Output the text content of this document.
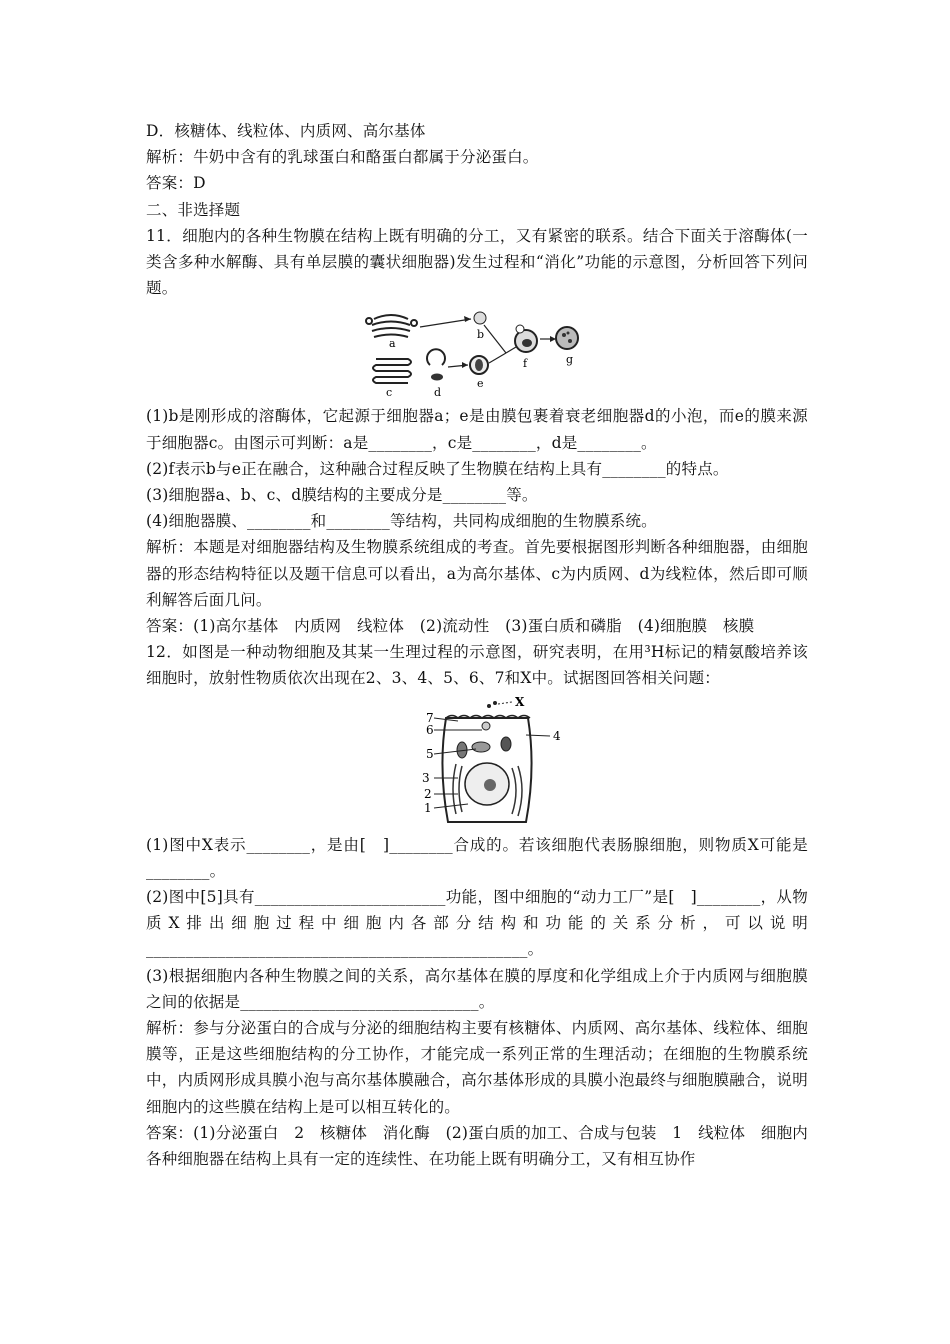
D．核糖体、线粒体、内质网、高尔基体
解析：牛奶中含有的乳球蛋白和酪蛋白都属于分泌蛋白。
答案：D
二、非选择题
11．细胞内的各种生物膜在结构上既有明确的分工，又有紧密的联系。结合下面关于溶酶体(一类含多种水解酶、具有单层膜的囊状细胞器)发生过程和“消化”功能的示意图，分析回答下列问题。
a
b
c	d
e
f	g
(1)b是刚形成的溶酶体，它起源于细胞器a；e是由膜包裹着衰老细胞器d的小泡，而e的膜来源于细胞器c。由图示可判断：a是________，c是________，d是________。
(2)f表示b与e正在融合，这种融合过程反映了生物膜在结构上具有________的特点。
(3)细胞器a、b、c、d膜结构的主要成分是________等。
(4)细胞器膜、________和________等结构，共同构成细胞的生物膜系统。
解析：本题是对细胞器结构及生物膜系统组成的考查。首先要根据图形判断各种细胞器，由细胞器的形态结构特征以及题干信息可以看出，a为高尔基体、c为内质网、d为线粒体，然后即可顺利解答后面几问。
答案：(1)高尔基体　内质网　线粒体　(2)流动性　(3)蛋白质和磷脂　(4)细胞膜　核膜
12．如图是一种动物细胞及其某一生理过程的示意图，研究表明，在用³H标记的精氨酸培养该细胞时，放射性物质依次出现在2、3、4、5、6、7和X中。试据图回答相关问题：
7
6	4
5
3
2
1
X
(1)图中X表示________，是由[　]________合成的。若该细胞代表肠腺细胞，则物质X可能是________。
(2)图中[5]具有________________________功能，图中细胞的“动力工厂”是[　]________，从物质X排出细胞过程中细胞内各部分结构和功能的关系分析，可以说明________________________________________________。
(3)根据细胞内各种生物膜之间的关系，高尔基体在膜的厚度和化学组成上介于内质网与细胞膜之间的依据是______________________________。
解析：参与分泌蛋白的合成与分泌的细胞结构主要有核糖体、内质网、高尔基体、线粒体、细胞膜等，正是这些细胞结构的分工协作，才能完成一系列正常的生理活动；在细胞的生物膜系统中，内质网形成具膜小泡与高尔基体膜融合，高尔基体形成的具膜小泡最终与细胞膜融合，说明细胞内的这些膜在结构上是可以相互转化的。
答案：(1)分泌蛋白　2　核糖体　消化酶　(2)蛋白质的加工、合成与包装　1　线粒体　细胞内各种细胞器在结构上具有一定的连续性、在功能上既有明确分工，又有相互协作
